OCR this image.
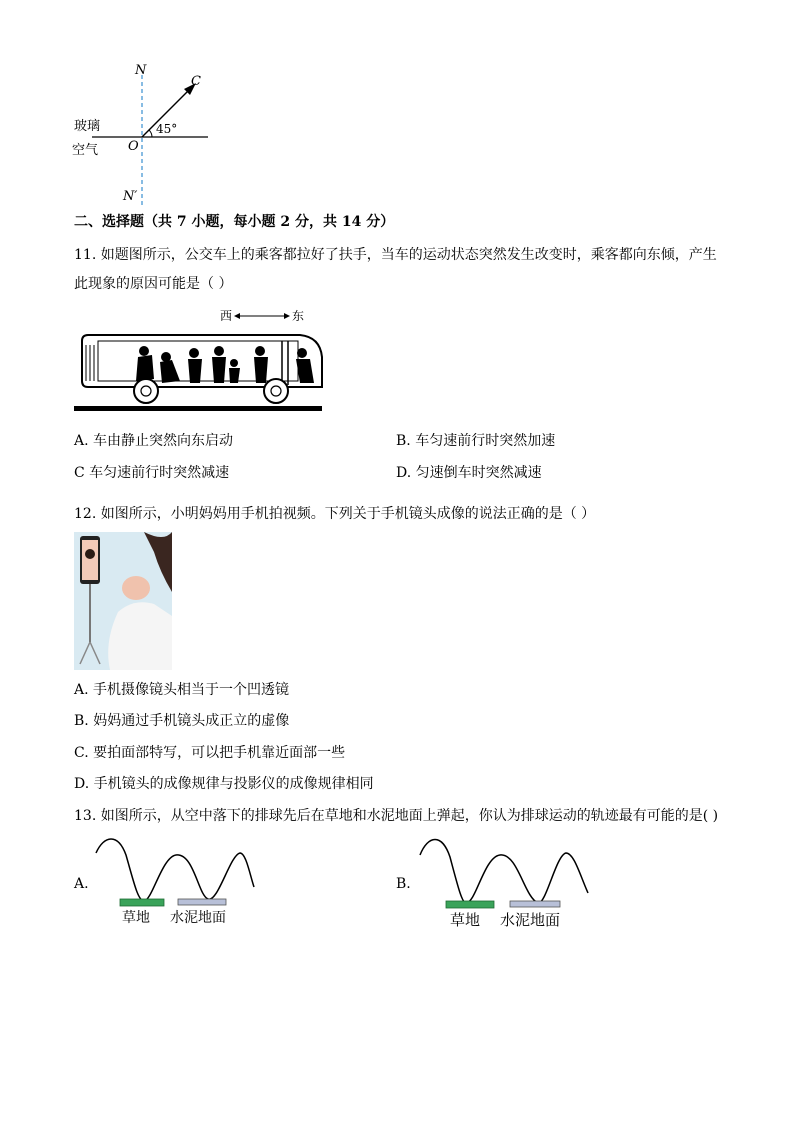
N
C
玻璃
空气 O
45°
N′
二、选择题（共 7 小题，每小题 2 分，共 14 分）
11. 如题图所示，公交车上的乘客都拉好了扶手，当车的运动状态突然发生改变时，乘客都向东倾，产生
此现象的原因可能是（ ）
西	东
A. 车由静止突然向东启动	B. 车匀速前行时突然加速
C 车匀速前行时突然减速	D. 匀速倒车时突然减速
12. 如图所示，小明妈妈用手机拍视频。下列关于手机镜头成像的说法正确的是（ ）
A. 手机摄像镜头相当于一个凹透镜
B. 妈妈通过手机镜头成正立的虚像
C. 要拍面部特写，可以把手机靠近面部一些
D. 手机镜头的成像规律与投影仪的成像规律相同
13. 如图所示，从空中落下的排球先后在草地和水泥地面上弹起，你认为排球运动的轨迹最有可能的是( )
A.
草地 水泥地面
B.
草地 水泥地面
